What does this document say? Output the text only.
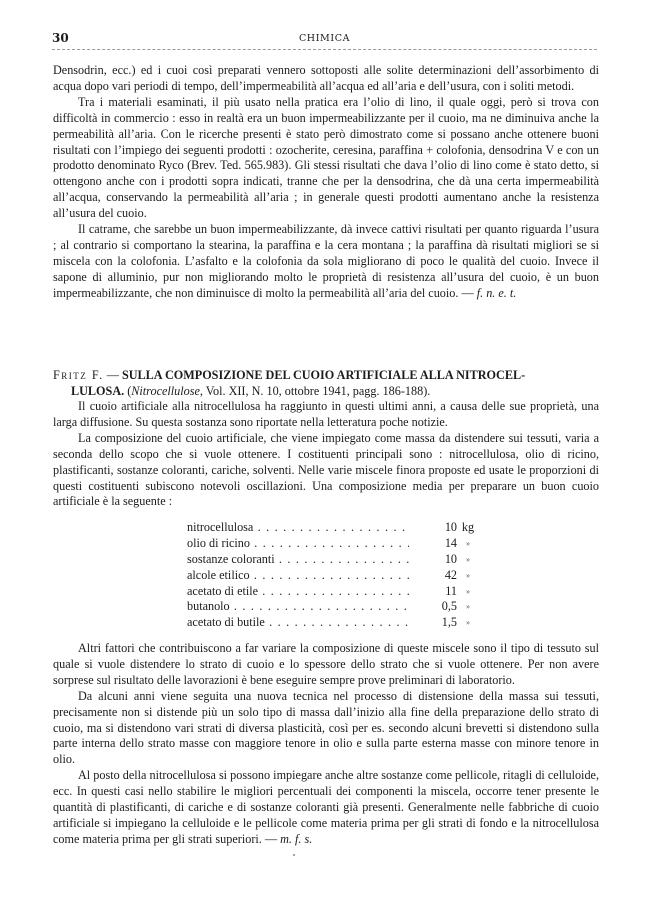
30	CHIMICA

Densodrin, ecc.) ed i cuoi così preparati vennero sottoposti alle solite determinazioni dell’assorbimento di acqua dopo vari periodi di tempo, dell’impermeabilità all’acqua ed all’aria e dell’usura, con i soliti metodi.

Tra i materiali esaminati, il più usato nella pratica era l’olio di lino, il quale oggi, però si trova con difficoltà in commercio : esso in realtà era un buon impermeabilizzante per il cuoio, ma ne diminuiva anche la permeabilità all’aria. Con le ricerche presenti è stato però dimostrato come si possano anche ottenere buoni risultati con l’impiego dei seguenti prodotti : ozocherite, ceresina, paraffina + colofonia, densodrina V e con un prodotto denominato Ryco (Brev. Ted. 565.983). Gli stessi risultati che dava l’olio di lino come è stato detto, si ottengono anche con i prodotti sopra indicati, tranne che per la densodrina, che dà una certa impermeabilità all’acqua, conservando la permeabilità all’aria ; in generale questi prodotti aumentano anche la resistenza all’usura del cuoio.

Il catrame, che sarebbe un buon impermeabilizzante, dà invece cattivi risultati per quanto riguarda l’usura ; al contrario si comportano la stearina, la paraffina e la cera montana ; la paraffina dà risultati migliori se si miscela con la colofonia. L’asfalto e la colofonia da sola migliorano di poco le qualità del cuoio. Invece il sapone di alluminio, pur non migliorando molto le proprietà di resistenza all’usura del cuoio, è un buon impermeabilizzante, che non diminuisce di molto la permeabilità all’aria del cuoio. — f. n. e. t.

Fritz F. — SULLA COMPOSIZIONE DEL CUOIO ARTIFICIALE ALLA NITROCEL-
LULOSA. (Nitrocellulose, Vol. XII, N. 10, ottobre 1941, pagg. 186-188).

Il cuoio artificiale alla nitrocellulosa ha raggiunto in questi ultimi anni, a causa delle sue proprietà, una larga diffusione. Su questa sostanza sono riportate nella letteratura poche notizie.

La composizione del cuoio artificiale, che viene impiegato come massa da distendere sui tessuti, varia a seconda dello scopo che si vuole ottenere. I costituenti principali sono : nitrocellulosa, olio di ricino, plastificanti, sostanze coloranti, cariche, solventi. Nelle varie miscele finora proposte ed usate le proporzioni di questi costituenti subiscono notevoli oscillazioni. Una composizione media per preparare un buon cuoio artificiale è la seguente :

nitrocellulosa . . .	10 kg
olio di ricino . . .	14	»
sostanze coloranti . . .	10	»
alcole etilico . . .	42	»
acetato di etile . . .	11	»
butanolo . . .	0,5	»
acetato di butile . . .	1,5	»

Altri fattori che contribuiscono a far variare la composizione di queste miscele sono il tipo di tessuto sul quale si vuole distendere lo strato di cuoio e lo spessore dello strato che si vuole ottenere. Per non avere sorprese sul risultato delle lavorazioni è bene eseguire sempre prove preliminari di laboratorio.

Da alcuni anni viene seguita una nuova tecnica nel processo di distensione della massa sui tessuti, precisamente non si distende più un solo tipo di massa dall’inizio alla fine della preparazione dello strato di cuoio, ma si distendono vari strati di diversa plasticità, così per es. secondo alcuni brevetti si distendono sulla parte interna dello strato masse con maggiore tenore in olio e sulla parte esterna masse con minore tenore in olio.

Al posto della nitrocellulosa si possono impiegare anche altre sostanze come pellicole, ritagli di celluloide, ecc. In questi casi nello stabilire le migliori percentuali dei componenti la miscela, occorre tener presente le quantità di plastificanti, di cariche e di sostanze coloranti già presenti. Generalmente nelle fabbriche di cuoio artificiale si impiegano la celluloide e le pellicole come materia prima per gli strati di fondo e la nitrocellulosa come materia prima per gli strati superiori. — m. f. s.
